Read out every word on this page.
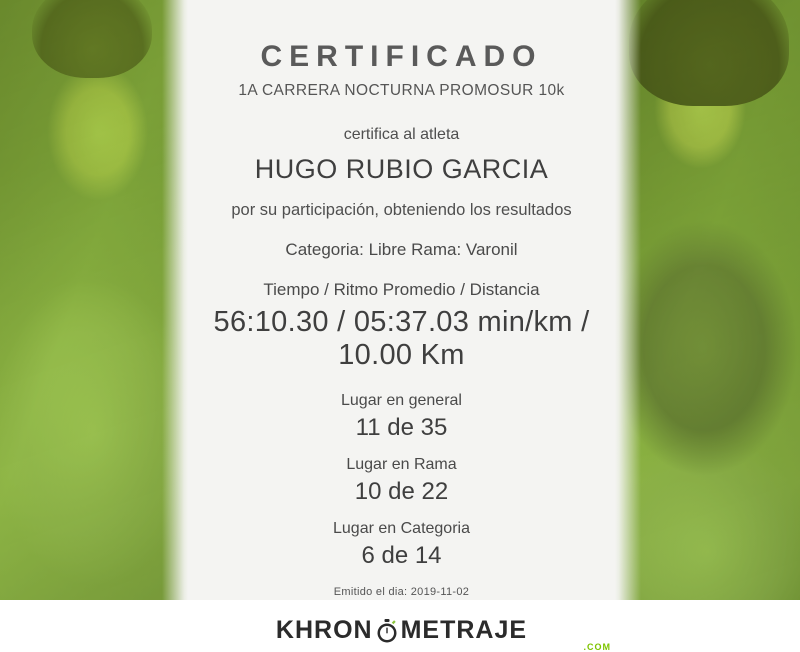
CERTIFICADO
1A CARRERA NOCTURNA PROMOSUR 10k
certifica al atleta
HUGO RUBIO GARCIA
por su participación, obteniendo los resultados
Categoria: Libre Rama: Varonil
Tiempo / Ritmo Promedio / Distancia
56:10.30 / 05:37.03 min/km / 10.00 Km
Lugar en general
11 de 35
Lugar en Rama
10 de 22
Lugar en Categoria
6 de 14
Emitido el dia: 2019-11-02
KHRON METRAJE
.COM
